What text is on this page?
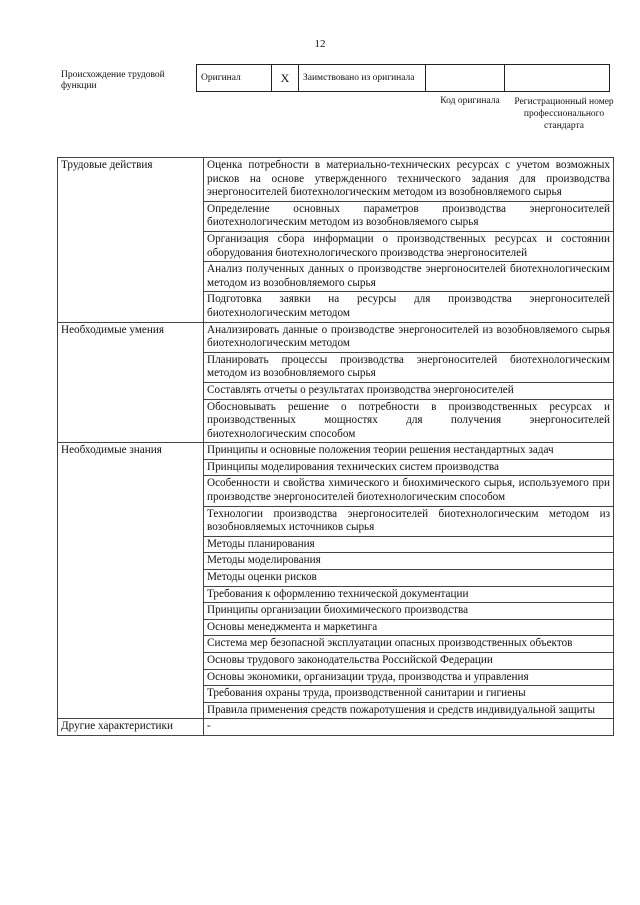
12
Происхождение трудовой функции
Оригинал	X	Заимствовано из оригинала		
Код оригинала	Регистрационный номер профессионального стандарта
Трудовые действия	Оценка потребности в материально-технических ресурсах с учетом возможных рисков на основе утвержденного технического задания для производства энергоносителей биотехнологическим методом из возобновляемого сырья
	Определение основных параметров производства энергоносителей биотехнологическим методом из возобновляемого сырья
	Организация сбора информации о производственных ресурсах и состоянии оборудования биотехнологического производства энергоносителей
	Анализ полученных данных о производстве энергоносителей биотехнологическим методом из возобновляемого сырья
	Подготовка заявки на ресурсы для производства энергоносителей биотехнологическим методом
Необходимые умения	Анализировать данные о производстве энергоносителей из возобновляемого сырья биотехнологическим методом
	Планировать процессы производства энергоносителей биотехнологическим методом из возобновляемого сырья
	Составлять отчеты о результатах производства энергоносителей
	Обосновывать решение о потребности в производственных ресурсах и производственных мощностях для получения энергоносителей биотехнологическим способом
Необходимые знания	Принципы и основные положения теории решения нестандартных задач
	Принципы моделирования технических систем производства
	Особенности и свойства химического и биохимического сырья, используемого при производстве энергоносителей биотехнологическим способом
	Технологии производства энергоносителей биотехнологическим методом из возобновляемых источников сырья
	Методы планирования
	Методы моделирования
	Методы оценки рисков
	Требования к оформлению технической документации
	Принципы организации биохимического производства
	Основы менеджмента и маркетинга
	Система мер безопасной эксплуатации опасных производственных объектов
	Основы трудового законодательства Российской Федерации
	Основы экономики, организации труда, производства и управления
	Требования охраны труда, производственной санитарии и гигиены
	Правила применения средств пожаротушения и средств индивидуальной защиты
Другие характеристики	-
